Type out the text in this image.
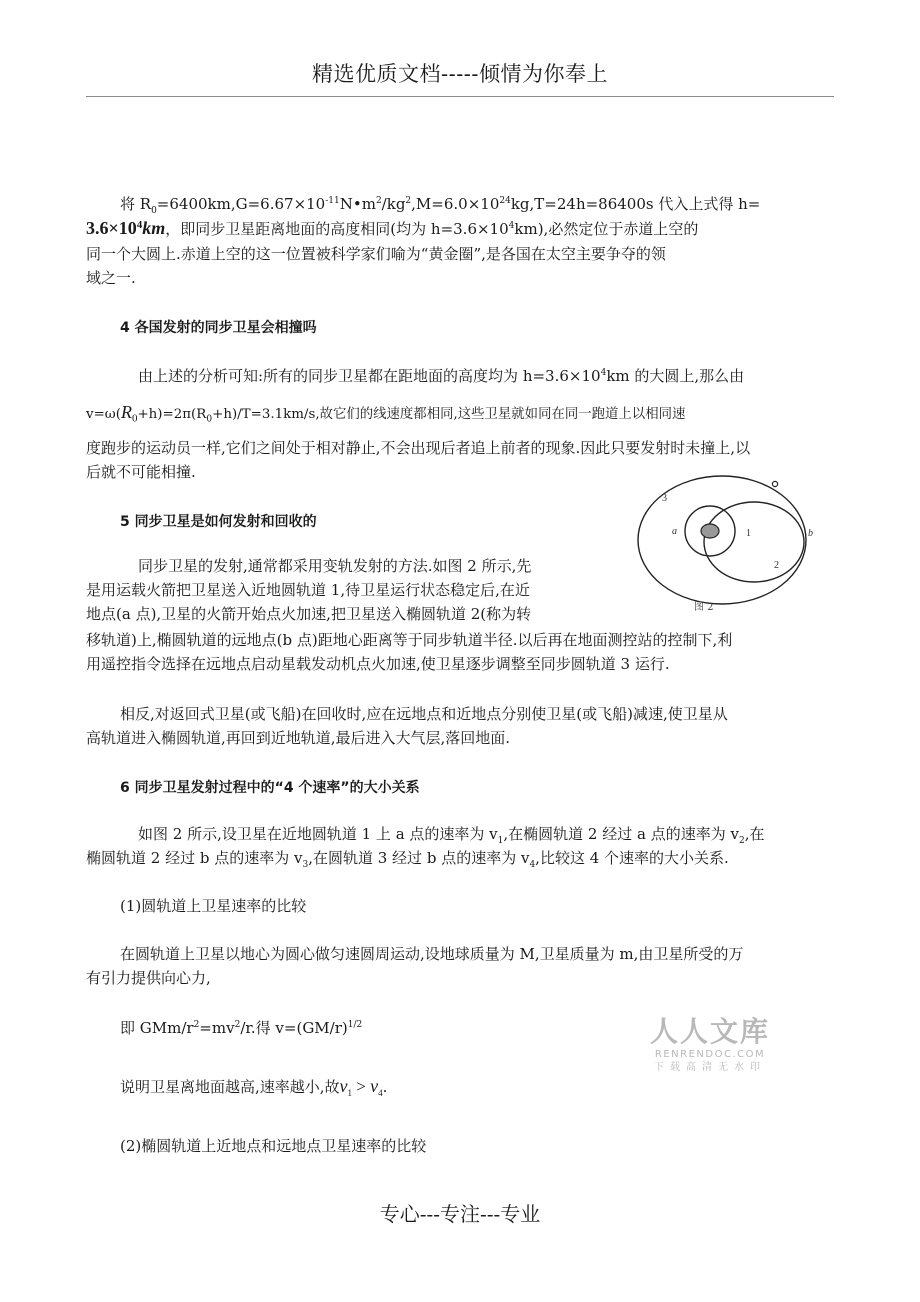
精选优质文档-----倾情为你奉上
将 $R_0=6400km,G=6.67\times 10^{-11}N•m^2/kg^2,M=6.0\times 10^{24}kg,T=24h=86400s$ 代入上式得 h=
$3.6\times 10^4km$，即同步卫星距离地面的高度相同(均为 $h=3.6\times 10^4km$),必然定位于赤道上空的
同一个大圆上.赤道上空的这一位置被科学家们喻为“黄金圈”,是各国在太空主要争夺的领
域之一.
4 各国发射的同步卫星会相撞吗
由上述的分析可知:所有的同步卫星都在距地面的高度均为 $h=3.6\times 10^4km$ 的大圆上,那么由
$v=\omega(R_0+h)=2\pi(R_0+h)/T=3.1km/s$,故它们的线速度都相同,这些卫星就如同在同一跑道上以相同速
度跑步的运动员一样,它们之间处于相对静止,不会出现后者追上前者的现象.因此只要发射时未撞上,以
后就不可能相撞.
5 同步卫星是如何发射和回收的
同步卫星的发射,通常都采用变轨发射的方法.如图 2 所示,先
是用运载火箭把卫星送入近地圆轨道 1,待卫星运行状态稳定后,在近
地点(a 点),卫星的火箭开始点火加速,把卫星送入椭圆轨道 2(称为转
移轨道)上,椭圆轨道的远地点(b 点)距地心距离等于同步轨道半径.以后再在地面测控站的控制下,利
用遥控指令选择在远地点启动星载发动机点火加速,使卫星逐步调整至同步圆轨道 3 运行.
相反,对返回式卫星(或飞船)在回收时,应在远地点和近地点分别使卫星(或飞船)减速,使卫星从
高轨道进入椭圆轨道,再回到近地轨道,最后进入大气层,落回地面.
a	1
2
3
b
图 2
6 同步卫星发射过程中的“4 个速率”的大小关系
如图 2 所示,设卫星在近地圆轨道 1 上 a 点的速率为 $v_1$,在椭圆轨道 2 经过 a 点的速率为 $v_2$,在
椭圆轨道 2 经过 b 点的速率为 $v_3$,在圆轨道 3 经过 b 点的速率为 $v_4$,比较这 4 个速率的大小关系.
(1)圆轨道上卫星速率的比较
在圆轨道上卫星以地心为圆心做匀速圆周运动,设地球质量为 M,卫星质量为 m,由卫星所受的万
有引力提供向心力,
即 GMm/$r^2=mv^2/r$.得 $v=(GM/r)^{1/2}$
说明卫星离地面越高,速率越小,故$v_1 > v_4$.
(2)椭圆轨道上近地点和远地点卫星速率的比较
人人文库
RENRENDOC.COM
下载高清无水印
专心---专注---专业
